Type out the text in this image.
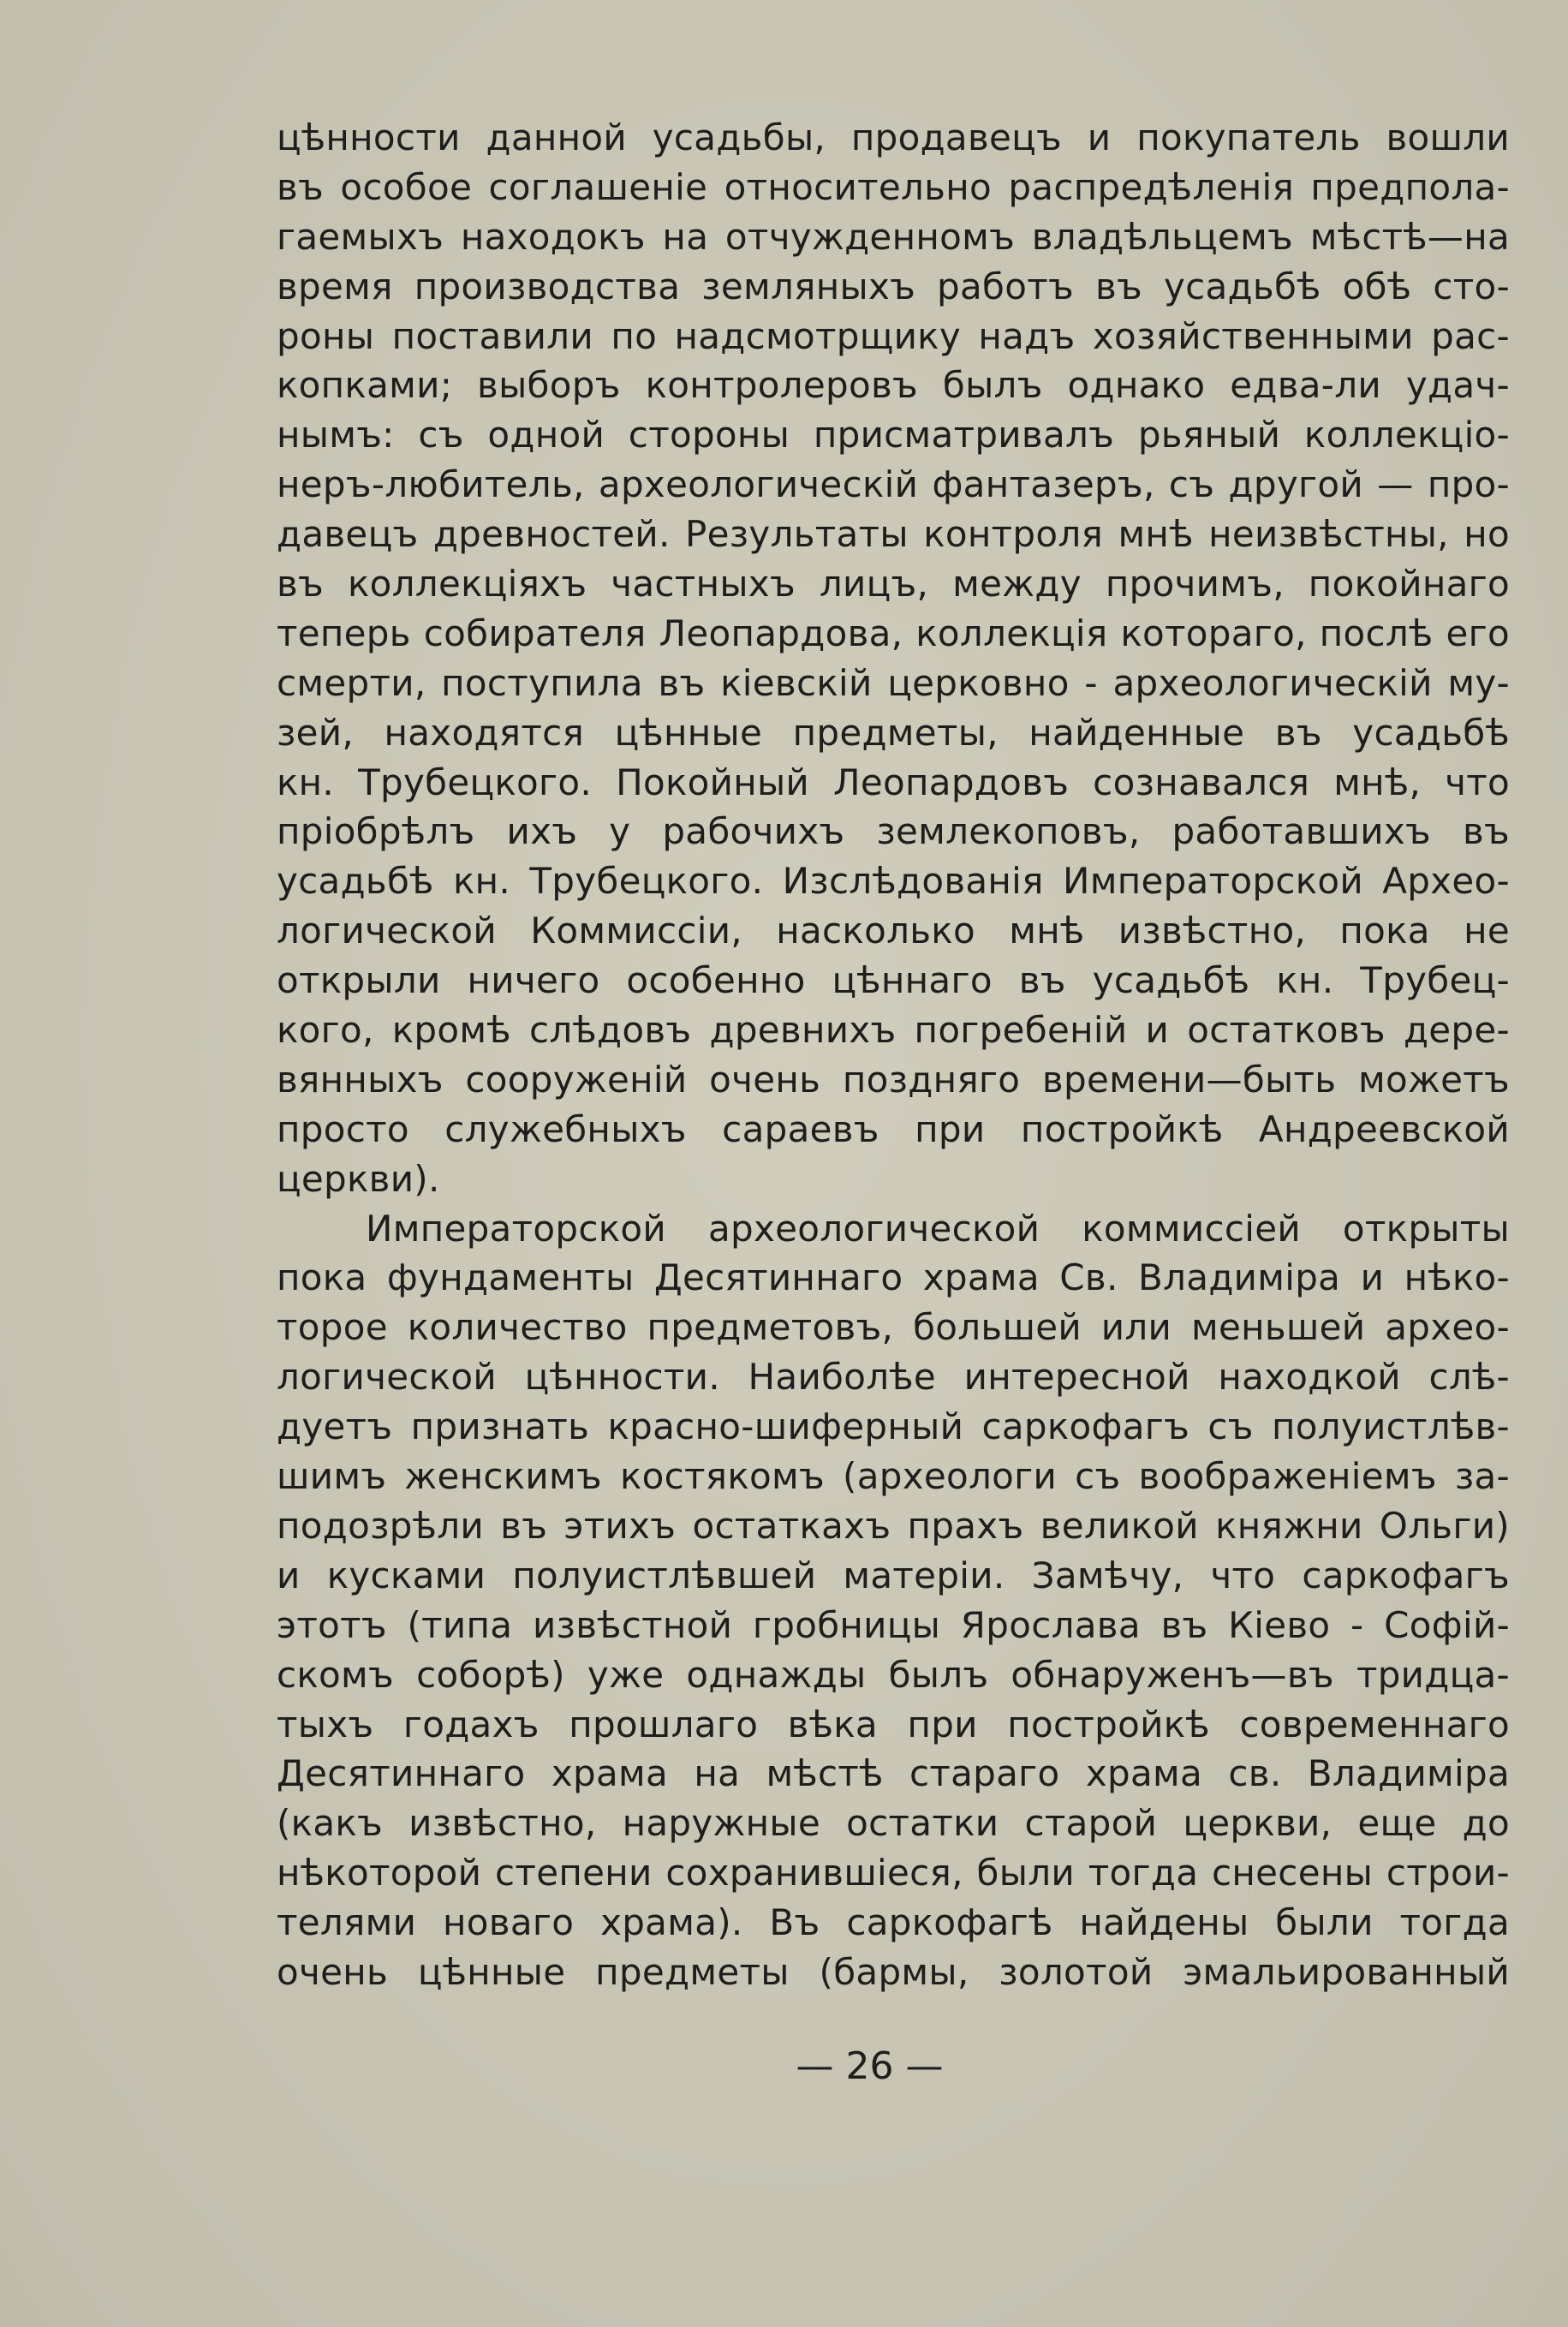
цѣнности данной усадьбы, продавецъ и покупатель вошли
въ особое соглашеніе относительно распредѣленія предпола-
гаемыхъ находокъ на отчужденномъ владѣльцемъ мѣстѣ—на
время производства земляныхъ работъ въ усадьбѣ обѣ сто-
роны поставили по надсмотрщику надъ хозяйственными рас-
копками; выборъ контролеровъ былъ однако едва-ли удач-
нымъ: съ одной стороны присматривалъ рьяный коллекціо-
неръ-любитель, археологическій фантазеръ, съ другой — про-
давецъ древностей. Результаты контроля мнѣ неизвѣстны, но
въ коллекціяхъ частныхъ лицъ, между прочимъ, покойнаго
теперь собирателя Леопардова, коллекція котораго, послѣ его
смерти, поступила въ кіевскій церковно - археологическій му-
зей, находятся цѣнные предметы, найденные въ усадьбѣ
кн. Трубецкого. Покойный Леопардовъ сознавался мнѣ, что
пріобрѣлъ ихъ у рабочихъ землекоповъ, работавшихъ въ
усадьбѣ кн. Трубецкого. Изслѣдованія Императорской Архео-
логической Коммиссіи, насколько мнѣ извѣстно, пока не
открыли ничего особенно цѣннаго въ усадьбѣ кн. Трубец-
кого, кромѣ слѣдовъ древнихъ погребеній и остатковъ дере-
вянныхъ сооруженій очень поздняго времени—быть можетъ
просто служебныхъ сараевъ при постройкѣ Андреевской
церкви).
Императорской археологической коммиссіей открыты
пока фундаменты Десятиннаго храма Св. Владиміра и нѣко-
торое количество предметовъ, большей или меньшей архео-
логической цѣнности. Наиболѣе интересной находкой слѣ-
дуетъ признать красно-шиферный саркофагъ съ полуистлѣв-
шимъ женскимъ костякомъ (археологи съ воображеніемъ за-
подозрѣли въ этихъ остаткахъ прахъ великой княжни Ольги)
и кусками полуистлѣвшей матеріи. Замѣчу, что саркофагъ
этотъ (типа извѣстной гробницы Ярослава въ Кіево - Софій-
скомъ соборѣ) уже однажды былъ обнаруженъ—въ тридца-
тыхъ годахъ прошлаго вѣка при постройкѣ современнаго
Десятиннаго храма на мѣстѣ стараго храма св. Владиміра
(какъ извѣстно, наружные остатки старой церкви, еще до
нѣкоторой степени сохранившіеся, были тогда снесены строи-
телями новаго храма). Въ саркофагѣ найдены были тогда
очень цѣнные предметы (бармы, золотой эмальированный
— 26 —
